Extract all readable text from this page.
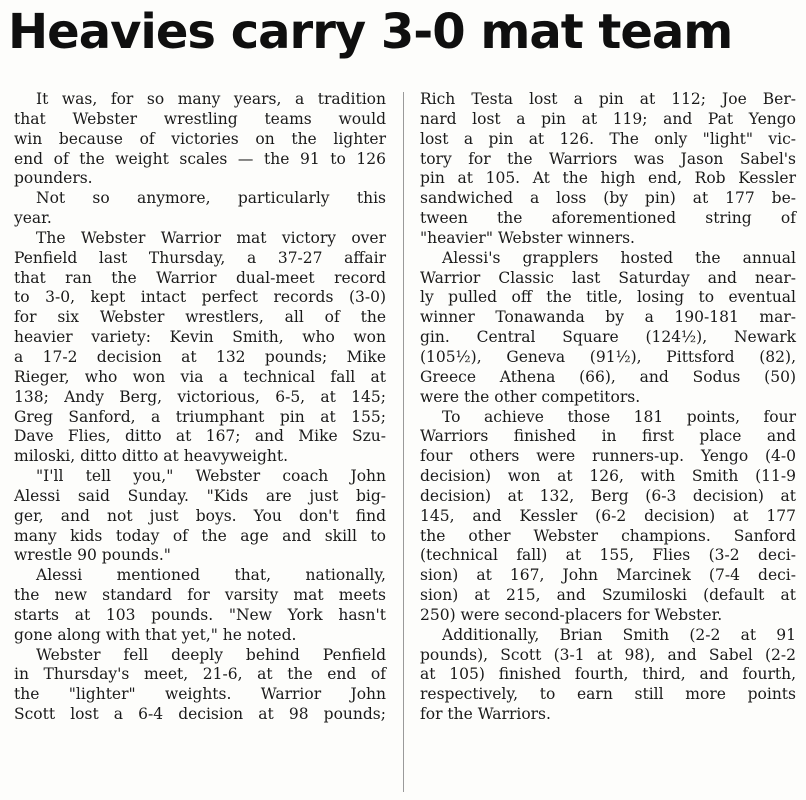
Heavies carry 3-0 mat team
It was, for so many years, a tradition
that Webster wrestling teams would
win because of victories on the lighter
end of the weight scales — the 91 to 126
pounders.
Not so anymore, particularly this
year.
The Webster Warrior mat victory over
Penfield last Thursday, a 37-27 affair
that ran the Warrior dual-meet record
to 3-0, kept intact perfect records (3-0)
for six Webster wrestlers, all of the
heavier variety: Kevin Smith, who won
a 17-2 decision at 132 pounds; Mike
Rieger, who won via a technical fall at
138; Andy Berg, victorious, 6-5, at 145;
Greg Sanford, a triumphant pin at 155;
Dave Flies, ditto at 167; and Mike Szu-
miloski, ditto ditto at heavyweight.
"I'll tell you," Webster coach John
Alessi said Sunday. "Kids are just big-
ger, and not just boys. You don't find
many kids today of the age and skill to
wrestle 90 pounds."
Alessi mentioned that, nationally,
the new standard for varsity mat meets
starts at 103 pounds. "New York hasn't
gone along with that yet," he noted.
Webster fell deeply behind Penfield
in Thursday's meet, 21-6, at the end of
the "lighter" weights. Warrior John
Scott lost a 6-4 decision at 98 pounds;
Rich Testa lost a pin at 112; Joe Ber-
nard lost a pin at 119; and Pat Yengo
lost a pin at 126. The only "light" vic-
tory for the Warriors was Jason Sabel's
pin at 105. At the high end, Rob Kessler
sandwiched a loss (by pin) at 177 be-
tween the aforementioned string of
"heavier" Webster winners.
Alessi's grapplers hosted the annual
Warrior Classic last Saturday and near-
ly pulled off the title, losing to eventual
winner Tonawanda by a 190-181 mar-
gin. Central Square (124½), Newark
(105½), Geneva (91½), Pittsford (82),
Greece Athena (66), and Sodus (50)
were the other competitors.
To achieve those 181 points, four
Warriors finished in first place and
four others were runners-up. Yengo (4-0
decision) won at 126, with Smith (11-9
decision) at 132, Berg (6-3 decision) at
145, and Kessler (6-2 decision) at 177
the other Webster champions. Sanford
(technical fall) at 155, Flies (3-2 deci-
sion) at 167, John Marcinek (7-4 deci-
sion) at 215, and Szumiloski (default at
250) were second-placers for Webster.
Additionally, Brian Smith (2-2 at 91
pounds), Scott (3-1 at 98), and Sabel (2-2
at 105) finished fourth, third, and fourth,
respectively, to earn still more points
for the Warriors.
